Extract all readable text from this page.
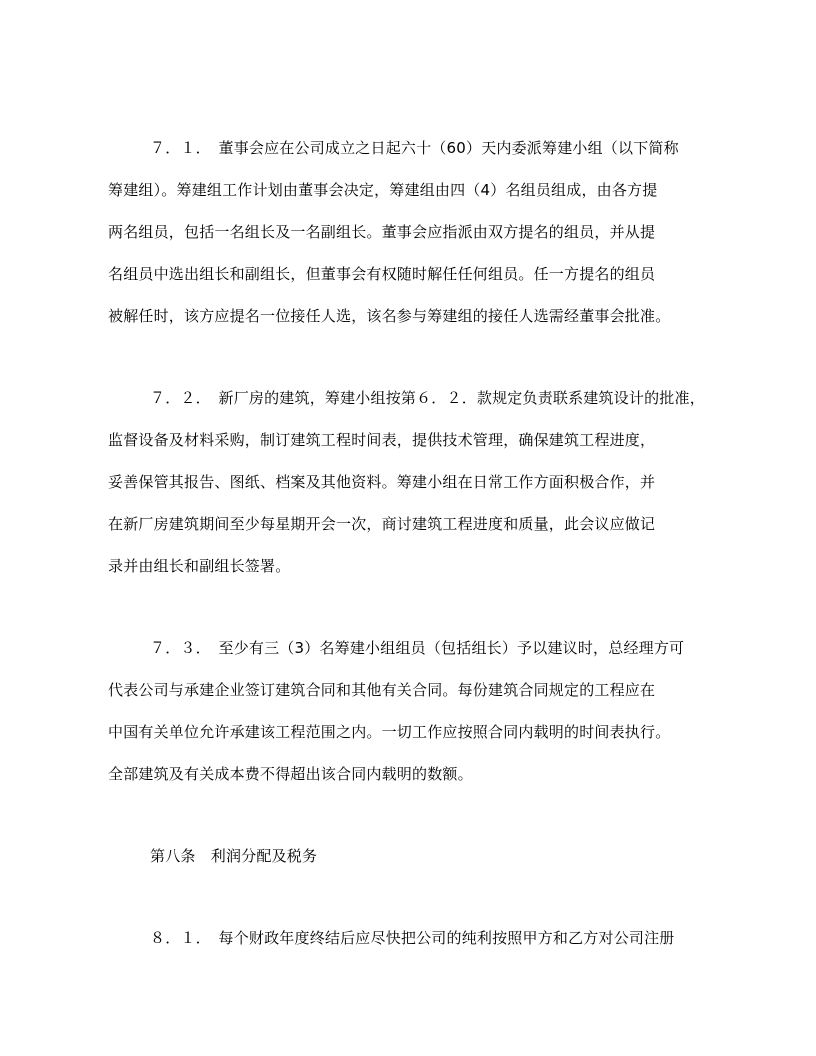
７．１．　董事会应在公司成立之日起六十（60）天内委派筹建小组（以下简称
筹建组）。筹建组工作计划由董事会决定，筹建组由四（4）名组员组成，由各方提
两名组员，包括一名组长及一名副组长。董事会应指派由双方提名的组员，并从提
名组员中选出组长和副组长，但董事会有权随时解任任何组员。任一方提名的组员
被解任时，该方应提名一位接任人选，该名参与筹建组的接任人选需经董事会批准。
７．２．　新厂房的建筑，筹建小组按第６．２．款规定负责联系建筑设计的批准，
监督设备及材料采购，制订建筑工程时间表，提供技术管理，确保建筑工程进度，
妥善保管其报告、图纸、档案及其他资料。筹建小组在日常工作方面积极合作，并
在新厂房建筑期间至少每星期开会一次，商讨建筑工程进度和质量，此会议应做记
录并由组长和副组长签署。
７．３．　至少有三（3）名筹建小组组员（包括组长）予以建议时，总经理方可
代表公司与承建企业签订建筑合同和其他有关合同。每份建筑合同规定的工程应在
中国有关单位允许承建该工程范围之内。一切工作应按照合同内载明的时间表执行。
全部建筑及有关成本费不得超出该合同内载明的数额。
第八条　利润分配及税务
８．１．　每个财政年度终结后应尽快把公司的纯利按照甲方和乙方对公司注册
